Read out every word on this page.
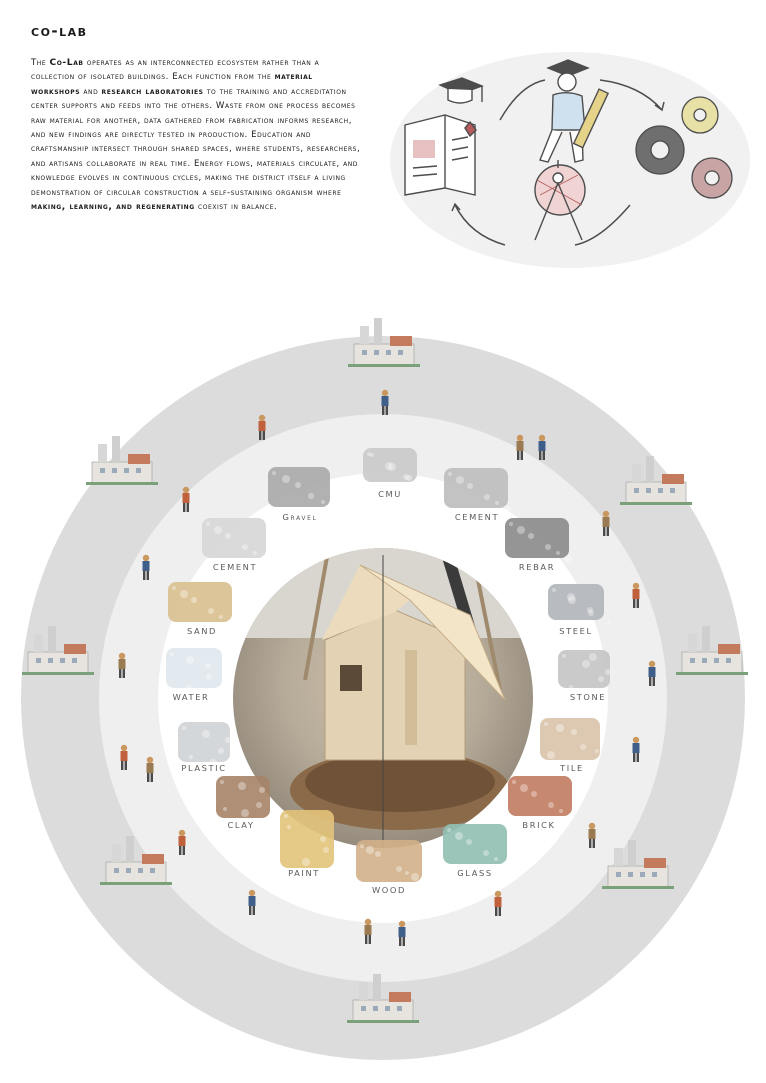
co-lab
The Co-Lab operates as an interconnected ecosystem rather than a collection of isolated buildings. Each function from the material workshops and research laboratories to the training and accreditation center supports and feeds into the others. Waste from one process becomes raw material for another, data gathered from fabrication informs research, and new findings are directly tested in production. Education and craftsmanship intersect through shared spaces, where students, researchers, and artisans collaborate in real time. Energy flows, materials circulate, and knowledge evolves in continuous cycles, making the district itself a living demonstration of circular construction a self-sustaining organism where making, learning, and regenerating coexist in balance.
CMU
Gravel	CEMENT
REBAR
CEMENT
SAND	STEEL
WATER	STONE
PLASTIC	TILE
CLAY	BRICK
PAINT	GLASS
WOOD
